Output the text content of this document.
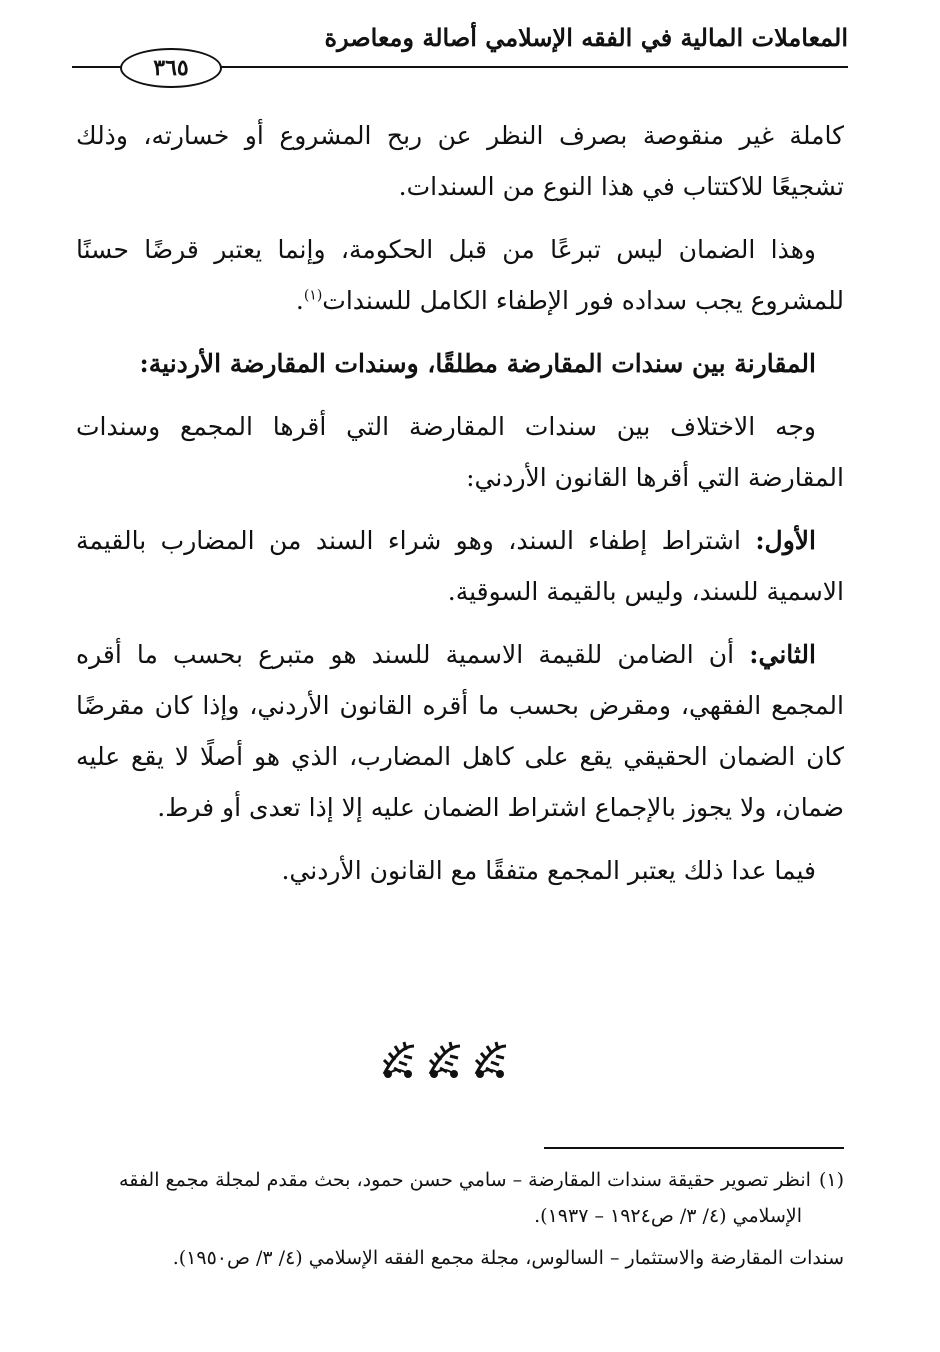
المعاملات المالية في الفقه الإسلامي أصالة ومعاصرة
٣٦٥

كاملة غير منقوصة بصرف النظر عن ربح المشروع أو خسارته، وذلك تشجيعًا للاكتتاب في هذا النوع من السندات.

وهذا الضمان ليس تبرعًا من قبل الحكومة، وإنما يعتبر قرضًا حسنًا للمشروع يجب سداده فور الإطفاء الكامل للسندات$^{(١)}$.

المقارنة بين سندات المقارضة مطلقًا، وسندات المقارضة الأردنية:

وجه الاختلاف بين سندات المقارضة التي أقرها المجمع وسندات المقارضة التي أقرها القانون الأردني:

الأول: اشتراط إطفاء السند، وهو شراء السند من المضارب بالقيمة الاسمية للسند، وليس بالقيمة السوقية.

الثاني: أن الضامن للقيمة الاسمية للسند هو متبرع بحسب ما أقره المجمع الفقهي، ومقرض بحسب ما أقره القانون الأردني، وإذا كان مقرضًا كان الضمان الحقيقي يقع على كاهل المضارب، الذي هو أصلًا لا يقع عليه ضمان، ولا يجوز بالإجماع اشتراط الضمان عليه إلا إذا تعدى أو فرط.

فيما عدا ذلك يعتبر المجمع متفقًا مع القانون الأردني.

(١)انظر تصوير حقيقة سندات المقارضة – سامي حسن حمود، بحث مقدم لمجلة مجمع الفقه
الإسلامي (٤/ ٣/ ص١٩٢٤ – ١٩٣٧).

سندات المقارضة والاستثمار – السالوس، مجلة مجمع الفقه الإسلامي (٤/ ٣/ ص١٩٥٠).
